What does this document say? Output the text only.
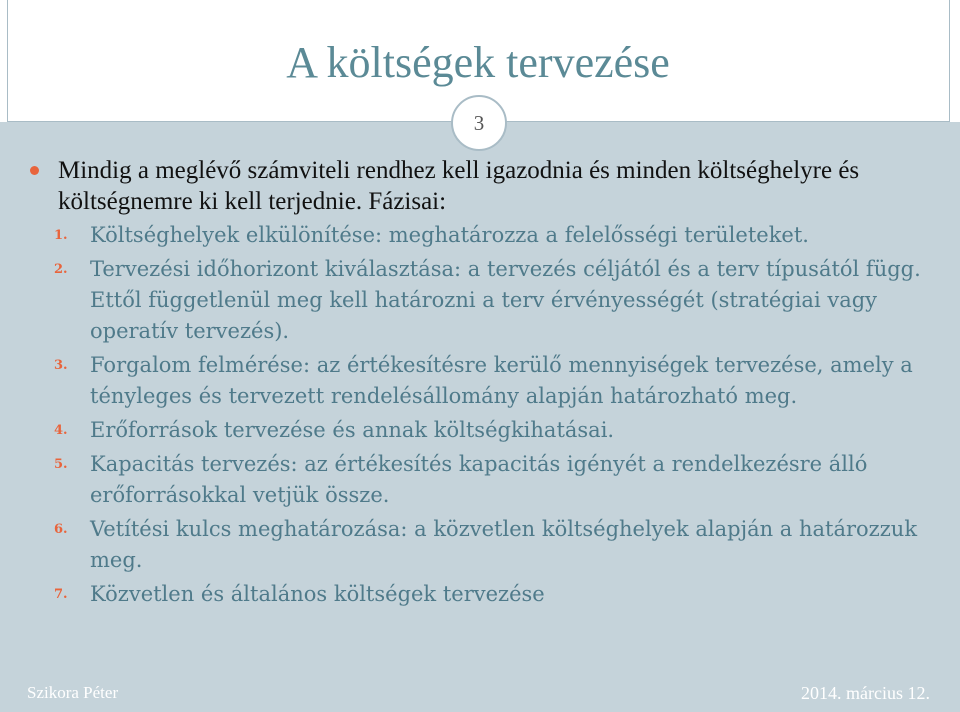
A költségek tervezése
3

Mindig a meglévő számviteli rendhez kell igazodnia és minden költséghelyre és költségnemre ki kell terjednie. Fázisai:

1.	Költséghelyek elkülönítése: meghatározza a felelősségi területeket.
2.	Tervezési időhorizont kiválasztása: a tervezés céljától és a terv típusától függ. Ettől függetlenül meg kell határozni a terv érvényességét (stratégiai vagy operatív tervezés).
3.	Forgalom felmérése: az értékesítésre kerülő mennyiségek tervezése, amely a tényleges és tervezett rendelésállomány alapján határozható meg.
4.	Erőforrások tervezése és annak költségkihatásai.
5.	Kapacitás tervezés: az értékesítés kapacitás igényét a rendelkezésre álló erőforrásokkal vetjük össze.
6.	Vetítési kulcs meghatározása: a közvetlen költséghelyek alapján a határozzuk meg.
7.	Közvetlen és általános költségek tervezése
Szikora Péter	2014. március 12.
